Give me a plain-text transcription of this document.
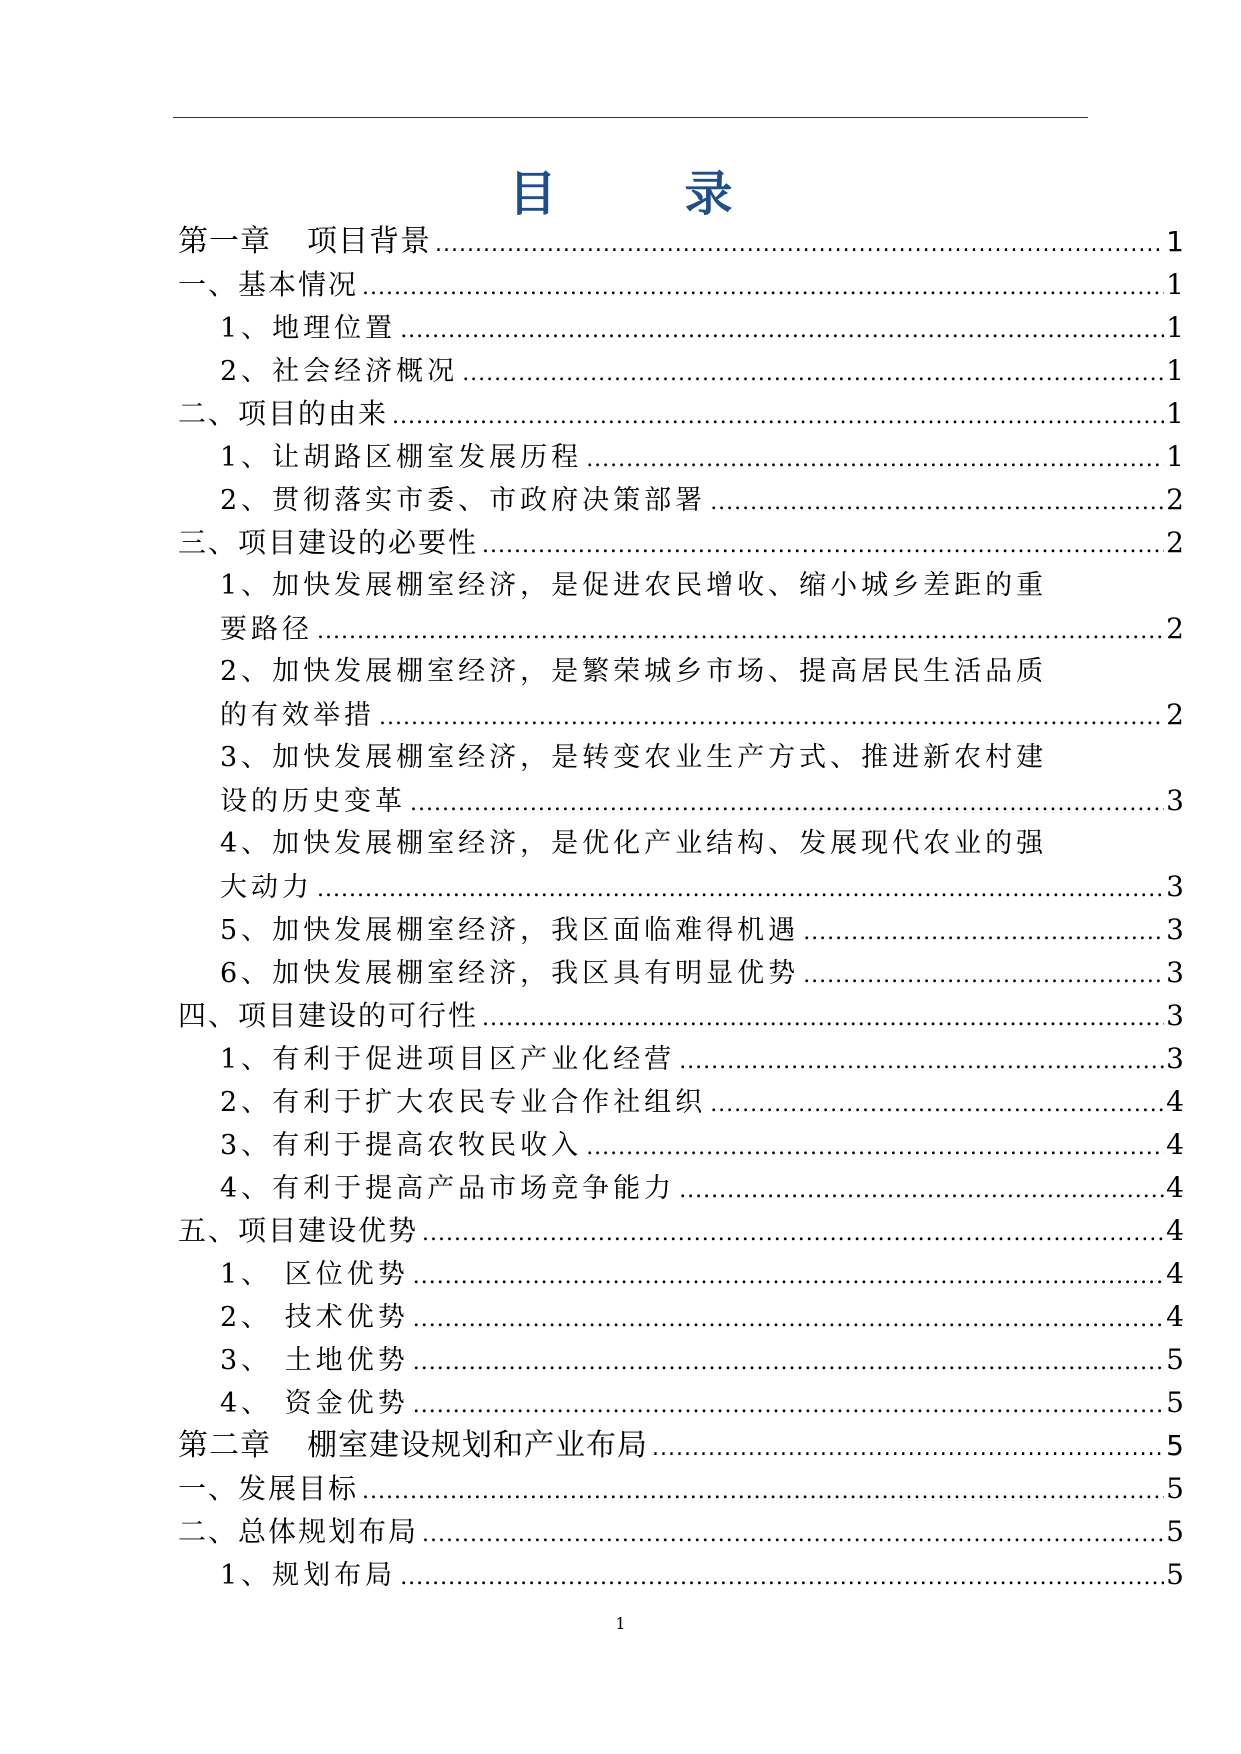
目　录
第一章 项目背景 .....	1
一、基本情况 .....	1
1、地理位置 .....	1
2、社会经济概况 .....	1
二、项目的由来 .....	1
1、让胡路区棚室发展历程 .....	1
2、贯彻落实市委、市政府决策部署 .....	2
三、项目建设的必要性 .....	2
1、加快发展棚室经济，是促进农民增收、缩小城乡差距的重
要路径 .....	2
2、加快发展棚室经济，是繁荣城乡市场、提高居民生活品质
的有效举措 .....	2
3、加快发展棚室经济，是转变农业生产方式、推进新农村建
设的历史变革 .....	3
4、加快发展棚室经济，是优化产业结构、发展现代农业的强
大动力 .....	3
5、加快发展棚室经济，我区面临难得机遇 .....	3
6、加快发展棚室经济，我区具有明显优势 .....	3
四、项目建设的可行性 .....	3
1、有利于促进项目区产业化经营 .....	3
2、有利于扩大农民专业合作社组织 .....	4
3、有利于提高农牧民收入 .....	4
4、有利于提高产品市场竞争能力 .....	4
五、项目建设优势 .....	4
1、 区位优势 .....	4
2、 技术优势 .....	4
3、 土地优势 .....	5
4、 资金优势 .....	5
第二章 棚室建设规划和产业布局 .....	5
一、发展目标 .....	5
二、总体规划布局 .....	5
1、规划布局 .....	5
1
